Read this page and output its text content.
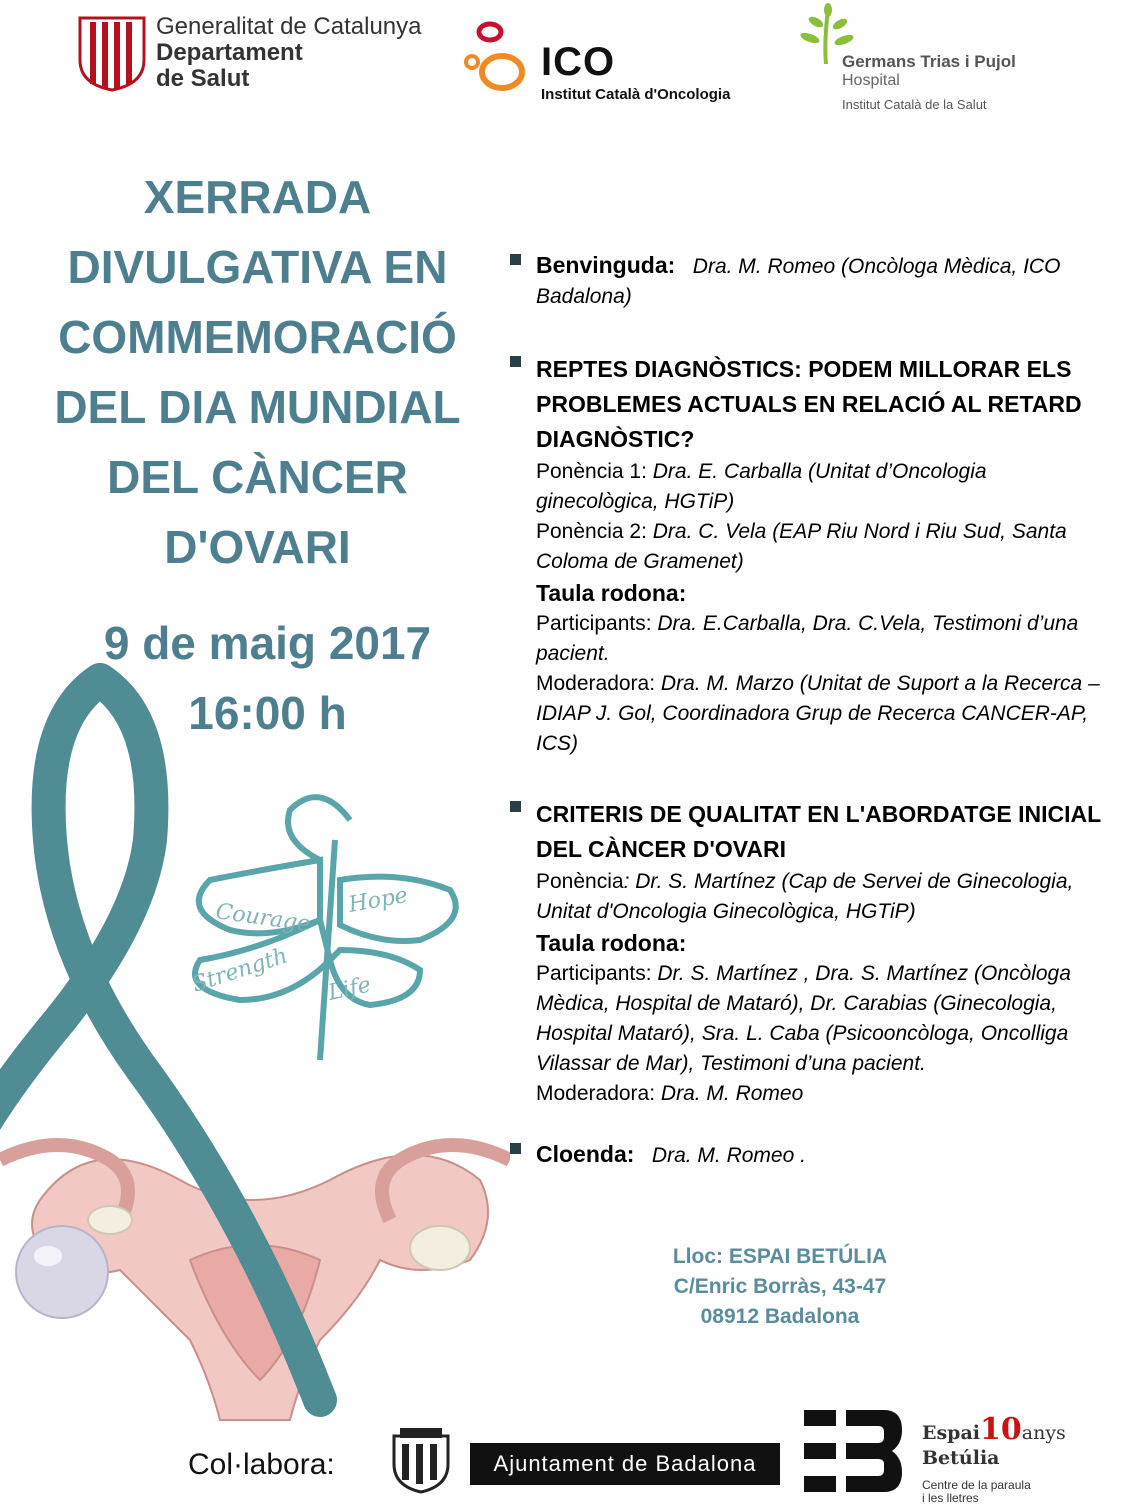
Generalitat de Catalunya
Departament
de Salut	ICO
Institut Català d'Oncologia
Germans Trias i Pujol
Hospital
Institut Català de la Salut
XERRADA
DIVULGATIVA EN
COMMEMORACIÓ
DEL DIA MUNDIAL
DEL CÀNCER
D'OVARI
Courage Hope
Strength Life
9 de maig 2017
16:00 h
Benvinguda: Dra. M. Romeo (Oncòloga Mèdica, ICO Badalona)
REPTES DIAGNÒSTICS: PODEM MILLORAR ELS PROBLEMES ACTUALS EN RELACIÓ AL RETARD DIAGNÒSTIC?
Ponència 1: Dra. E. Carballa (Unitat d’Oncologia ginecològica, HGTiP)
Ponència 2: Dra. C. Vela (EAP Riu Nord i Riu Sud, Santa Coloma de Gramenet)
Taula rodona:
Participants: Dra. E.Carballa, Dra. C.Vela, Testimoni d’una pacient.
Moderadora: Dra. M. Marzo (Unitat de Suport a la Recerca – IDIAP J. Gol, Coordinadora Grup de Recerca CANCER-AP, ICS)
CRITERIS DE QUALITAT EN L'ABORDATGE INICIAL DEL CÀNCER D'OVARI
Ponència: Dr. S. Martínez (Cap de Servei de Ginecologia, Unitat d'Oncologia Ginecològica, HGTiP)
Taula rodona:
Participants: Dr. S. Martínez , Dra. S. Martínez (Oncòloga Mèdica, Hospital de Mataró), Dr. Carabias (Ginecologia, Hospital Mataró), Sra. L. Caba (Psicooncòloga, Oncolliga Vilassar de Mar), Testimoni d’una pacient.
Moderadora: Dra. M. Romeo
Cloenda: Dra. M. Romeo .
Lloc: ESPAI BETÚLIA
C/Enric Borràs, 43-47
08912 Badalona
Col·labora:	Ajuntament de Badalona
Espai10anys
Betúlia
Centre de la paraula
i les lletres
